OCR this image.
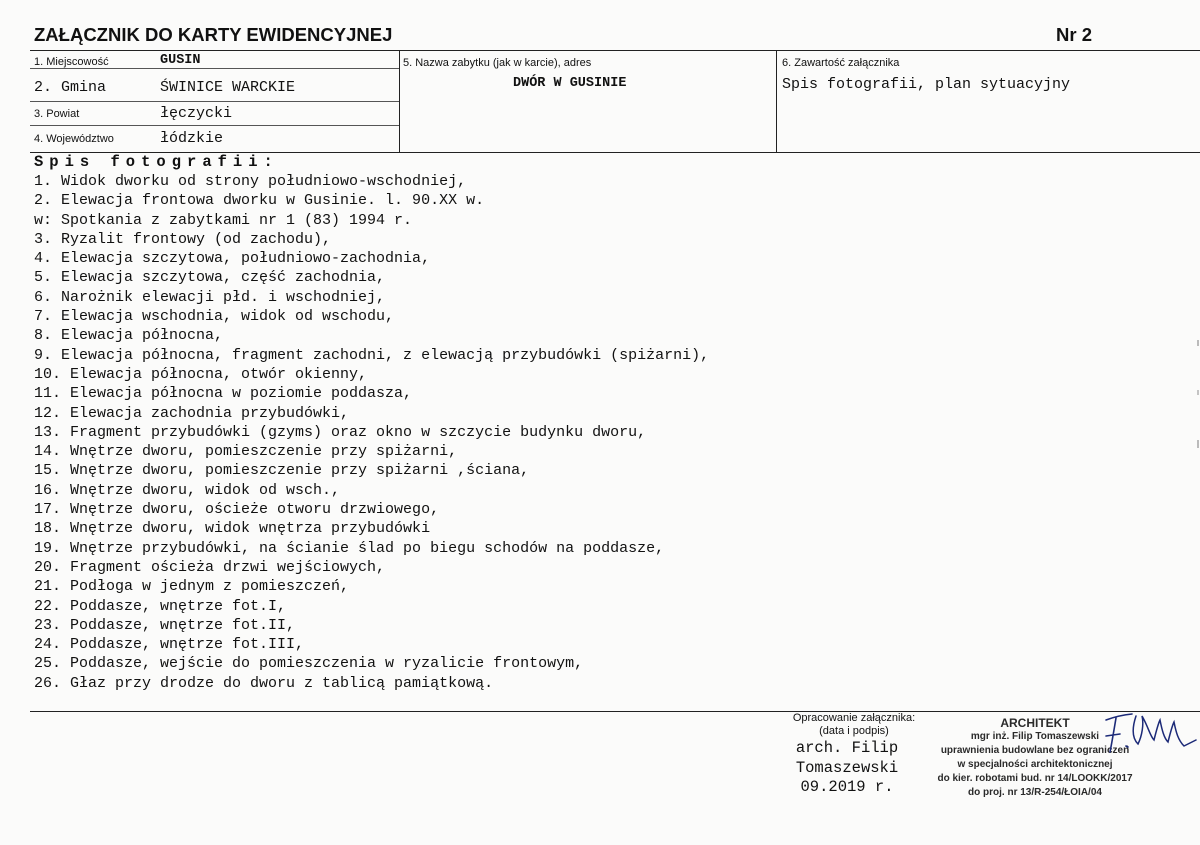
ZAŁĄCZNIK DO KARTY EWIDENCYJNEJ	Nr 2
1. Miejscowość	GUSIN
2. Gmina	ŚWINICE WARCKIE
3. Powiat	łęczycki
4. Województwo	łódzkie
5. Nazwa zabytku (jak w karcie), adres
DWÓR W GUSINIE
6. Zawartość załącznika
Spis fotografii, plan sytuacyjny
Spis fotografii:
1. Widok dworku od strony południowo-wschodniej,
2. Elewacja frontowa dworku w Gusinie. l. 90.XX w.
w: Spotkania z zabytkami nr 1 (83) 1994 r.
3. Ryzalit frontowy (od zachodu),
4. Elewacja szczytowa, południowo-zachodnia,
5. Elewacja szczytowa, część zachodnia,
6. Narożnik elewacji płd. i wschodniej,
7. Elewacja wschodnia, widok od wschodu,
8. Elewacja północna,
9. Elewacja północna, fragment zachodni, z elewacją przybudówki (spiżarni),
10. Elewacja północna, otwór okienny,
11. Elewacja północna w poziomie poddasza,
12. Elewacja zachodnia przybudówki,
13. Fragment przybudówki (gzyms) oraz okno w szczycie budynku dworu,
14. Wnętrze dworu, pomieszczenie przy spiżarni,
15. Wnętrze dworu, pomieszczenie przy spiżarni ,ściana,
16. Wnętrze dworu, widok od wsch.,
17. Wnętrze dworu, ościeże otworu drzwiowego,
18. Wnętrze dworu, widok wnętrza przybudówki
19. Wnętrze przybudówki, na ścianie ślad po biegu schodów na poddasze,
20. Fragment ościeża drzwi wejściowych,
21. Podłoga w jednym z pomieszczeń,
22. Poddasze, wnętrze fot.I,
23. Poddasze, wnętrze fot.II,
24. Poddasze, wnętrze fot.III,
25. Poddasze, wejście do pomieszczenia w ryzalicie frontowym,
26. Głaz przy drodze do dworu z tablicą pamiątkową.
Opracowanie załącznika:
(data i podpis)
arch. Filip
Tomaszewski
09.2019 r.
ARCHITEKT
mgr inż. Filip Tomaszewski
uprawnienia budowlane bez ograniczeń
w specjalności architektonicznej
do kier. robotami bud. nr 14/LOOKK/2017
do proj. nr 13/R-254/ŁOIA/04
